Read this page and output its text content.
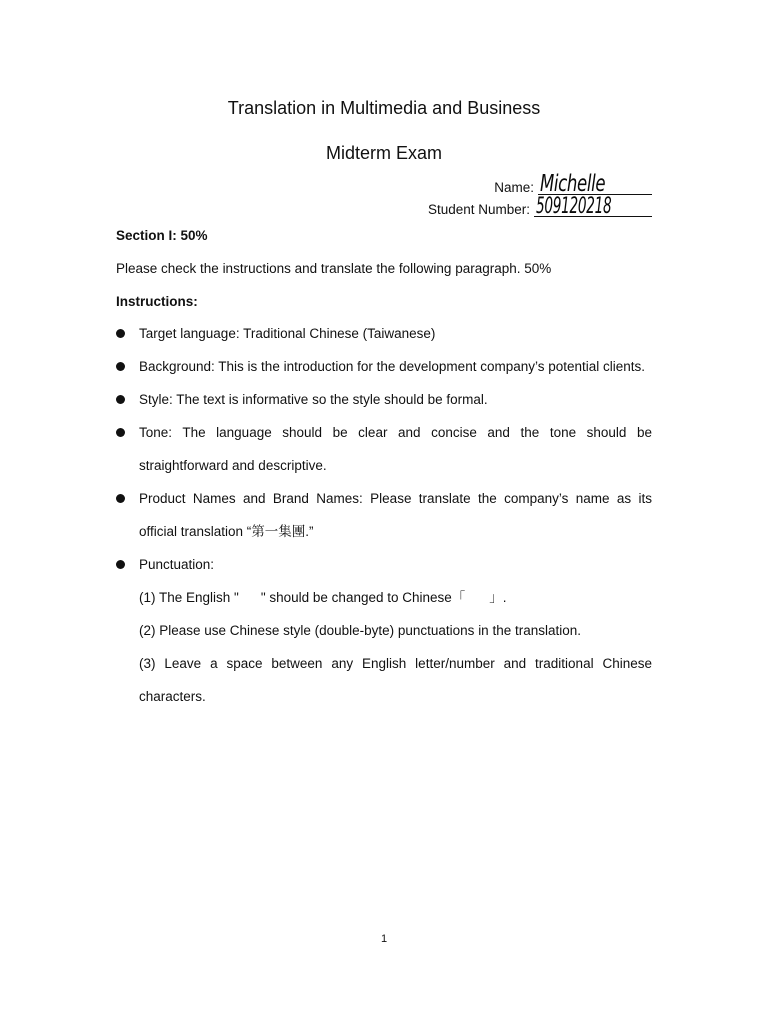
Translation in Multimedia and Business
Midterm Exam
Name: Michelle
Student Number: 509120218
Section I: 50%
Please check the instructions and translate the following paragraph. 50%
Instructions:
Target language: Traditional Chinese (Taiwanese)
Background: This is the introduction for the development company’s potential clients.
Style: The text is informative so the style should be formal.
Tone: The language should be clear and concise and the tone should be straightforward and descriptive.
Product Names and Brand Names: Please translate the company’s name as its official translation “第一集團.”
Punctuation:
(1) The English " " should be changed to Chinese「 」.
(2) Please use Chinese style (double-byte) punctuations in the translation.
(3) Leave a space between any English letter/number and traditional Chinese characters.
1
